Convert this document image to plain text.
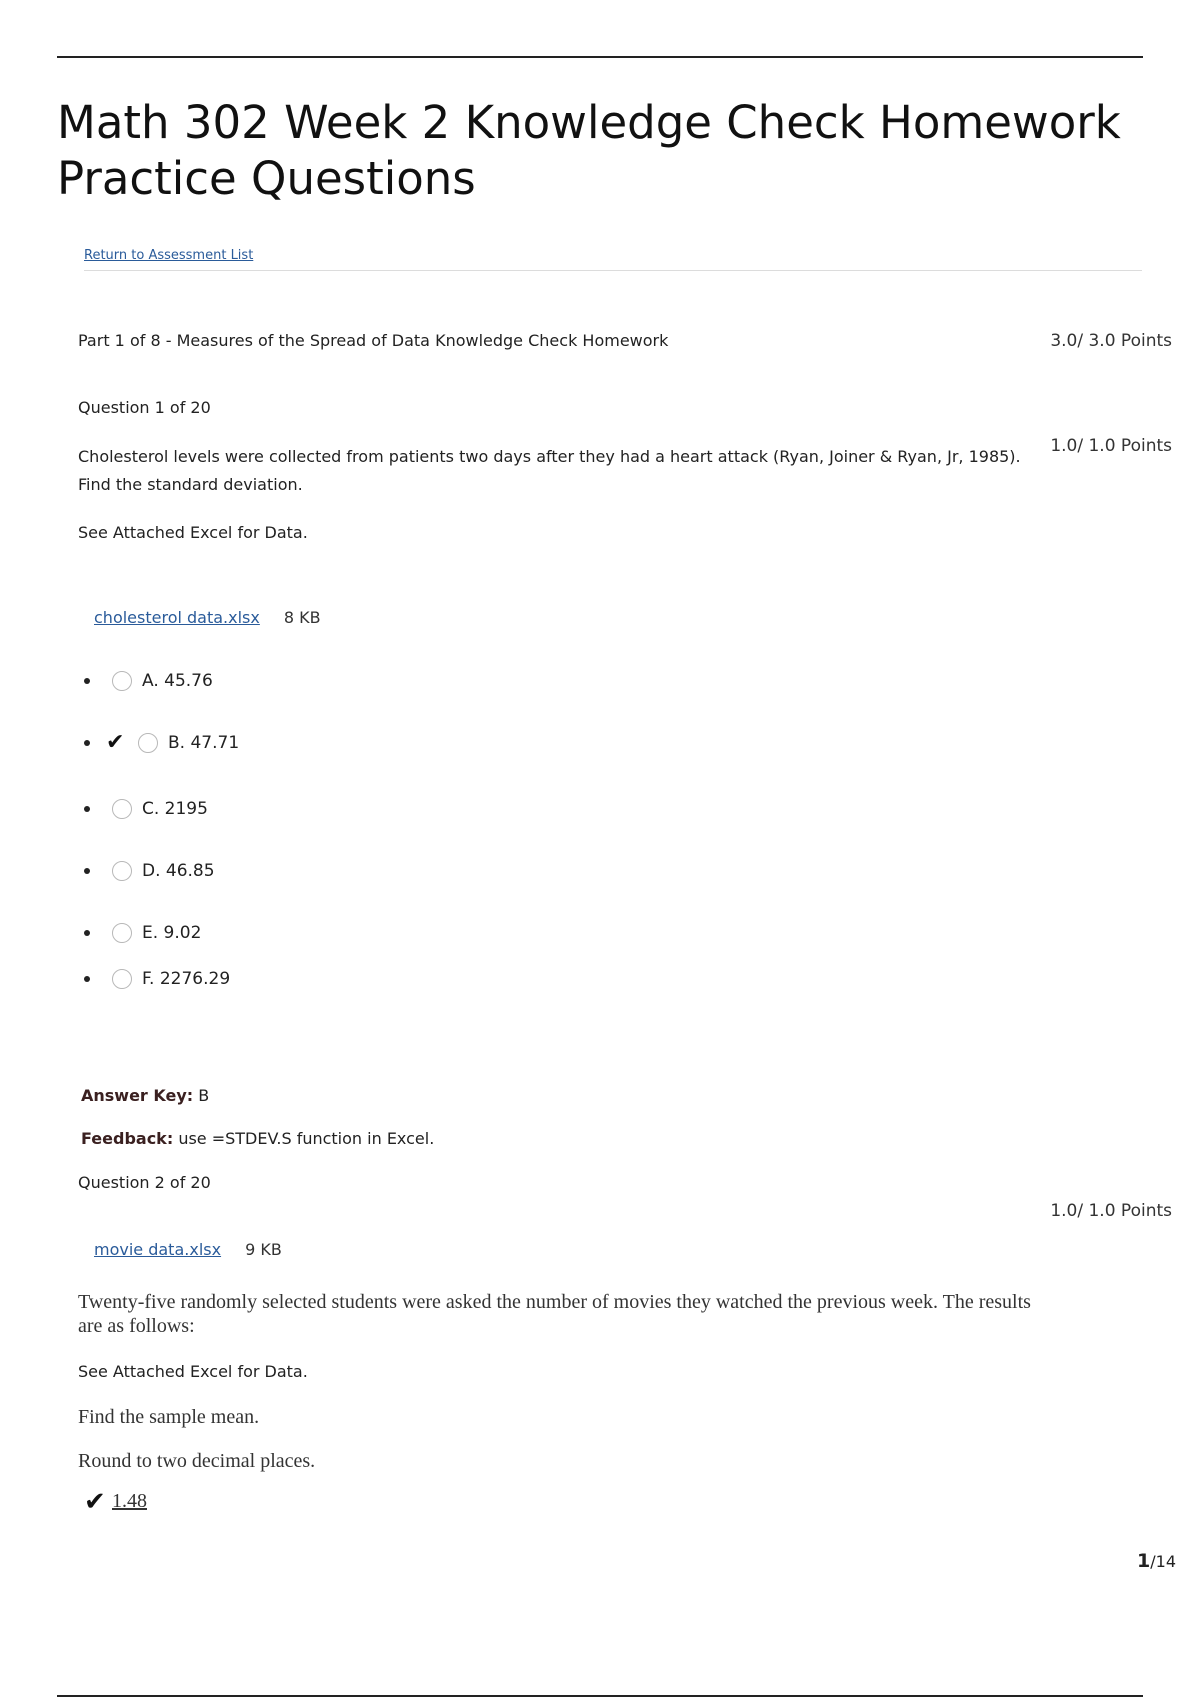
Math 302 Week 2 Knowledge Check Homework Practice Questions
Return to Assessment List
Part 1 of 8 - Measures of the Spread of Data Knowledge Check Homework	3.0/ 3.0 Points
Question 1 of 20
1.0/ 1.0 Points
Cholesterol levels were collected from patients two days after they had a heart attack (Ryan, Joiner & Ryan, Jr, 1985).
Find the standard deviation.
See Attached Excel for Data.
cholesterol data.xlsx 8 KB
A. 45.76
✔	B. 47.71
C. 2195
D. 46.85
E. 9.02
F. 2276.29
Answer Key: B
Feedback: use =STDEV.S function in Excel.
Question 2 of 20
1.0/ 1.0 Points
movie data.xlsx 9 KB
Twenty-five randomly selected students were asked the number of movies they watched the previous week. The results
are as follows:
See Attached Excel for Data.
Find the sample mean.
Round to two decimal places.
✔ 1.48
1/14
